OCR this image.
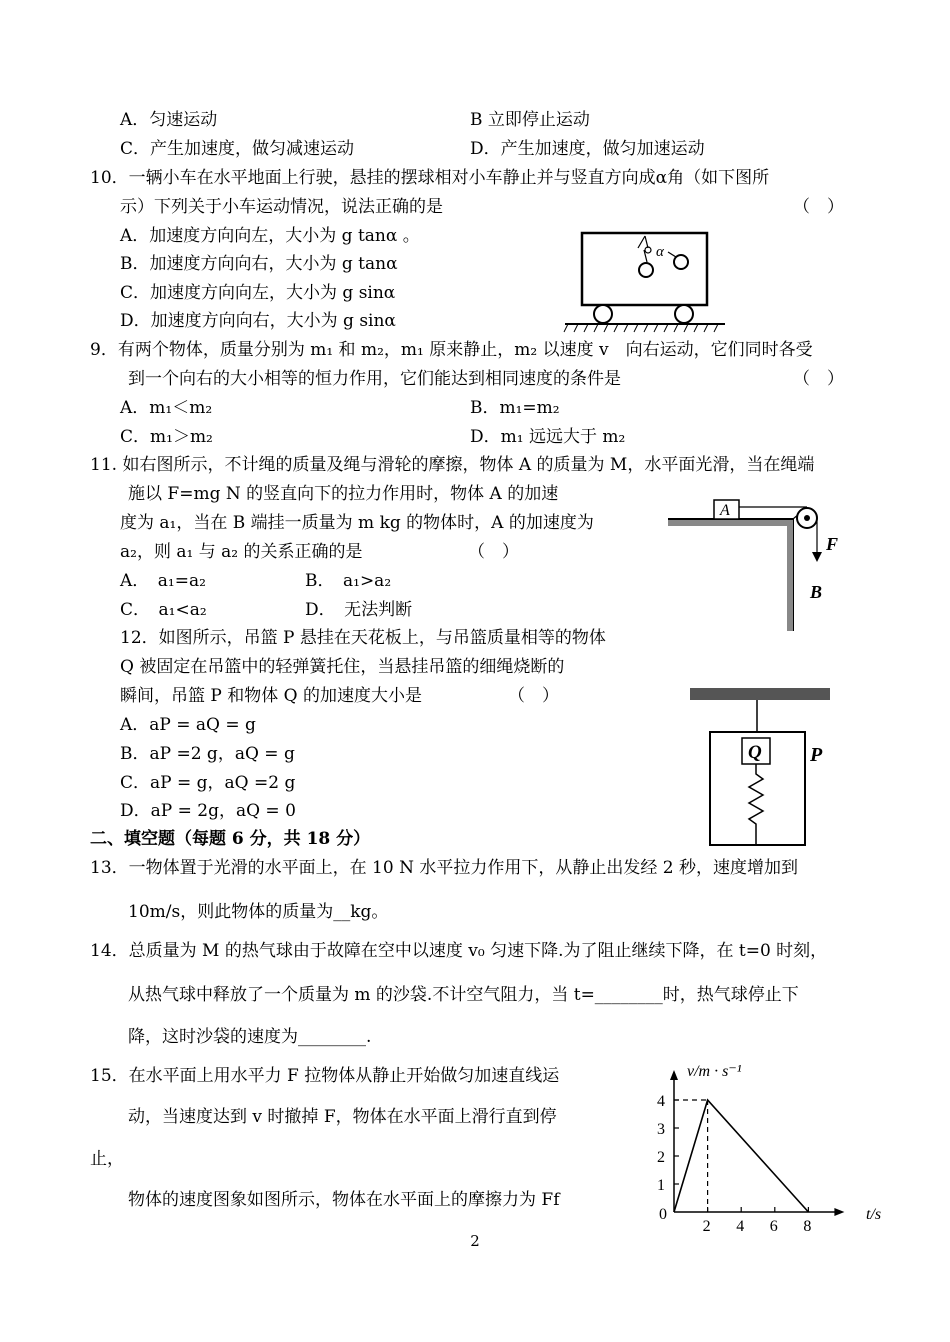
A．匀速运动	B 立即停止运动
C．产生加速度，做匀减速运动	D．产生加速度，做匀加速运动
10．一辆小车在水平地面上行驶，悬挂的摆球相对小车静止并与竖直方向成α角（如下图所
示）下列关于小车运动情况，说法正确的是	（　）
A．加速度方向向左，大小为 g tanα 。
B．加速度方向向右，大小为 g tanα
C．加速度方向向左，大小为 g sinα
D．加速度方向向右，大小为 g sinα
9．有两个物体，质量分别为 m₁ 和 m₂，m₁ 原来静止，m₂ 以速度 v　向右运动，它们同时各受
到一个向右的大小相等的恒力作用，它们能达到相同速度的条件是	（　）
A．m₁＜m₂	B．m₁=m₂
C．m₁＞m₂	D．m₁ 远远大于 m₂
11. 如右图所示，不计绳的质量及绳与滑轮的摩擦，物体 A 的质量为 M，水平面光滑，当在绳端
施以 F=mg N 的竖直向下的拉力作用时，物体 A 的加速
度为 a₁，当在 B 端挂一质量为 m kg 的物体时，A 的加速度为
a₂，则 a₁ 与 a₂ 的关系正确的是	（　）
A．　a₁=a₂	B．　a₁>a₂
C．　a₁<a₂	D．　无法判断
12．如图所示，吊篮 P 悬挂在天花板上，与吊篮质量相等的物体
Q 被固定在吊篮中的轻弹簧托住，当悬挂吊篮的细绳烧断的
瞬间，吊篮 P 和物体 Q 的加速度大小是	（　）
A．aP = aQ = g
B．aP =2 g，aQ = g
C．aP = g，aQ =2 g
D．aP = 2g，aQ = 0
二、填空题（每题 6 分，共 18 分）
13．一物体置于光滑的水平面上，在 10 N 水平拉力作用下，从静止出发经 2 秒，速度增加到
10m/s，则此物体的质量为__kg。
14．总质量为 M 的热气球由于故障在空中以速度 v₀ 匀速下降.为了阻止继续下降，在 t=0 时刻，
从热气球中释放了一个质量为 m 的沙袋.不计空气阻力，当 t=________时，热气球停止下
降，这时沙袋的速度为________.
15．在水平面上用水平力 F 拉物体从静止开始做匀加速直线运
动，当速度达到 v 时撤掉 F，物体在水平面上滑行直到停
止，
物体的速度图象如图所示，物体在水平面上的摩擦力为 Ff
2
α
A
F
B
Q P
v/m · s⁻¹
t/s
0
2 4 6 8
1
2
3
4
